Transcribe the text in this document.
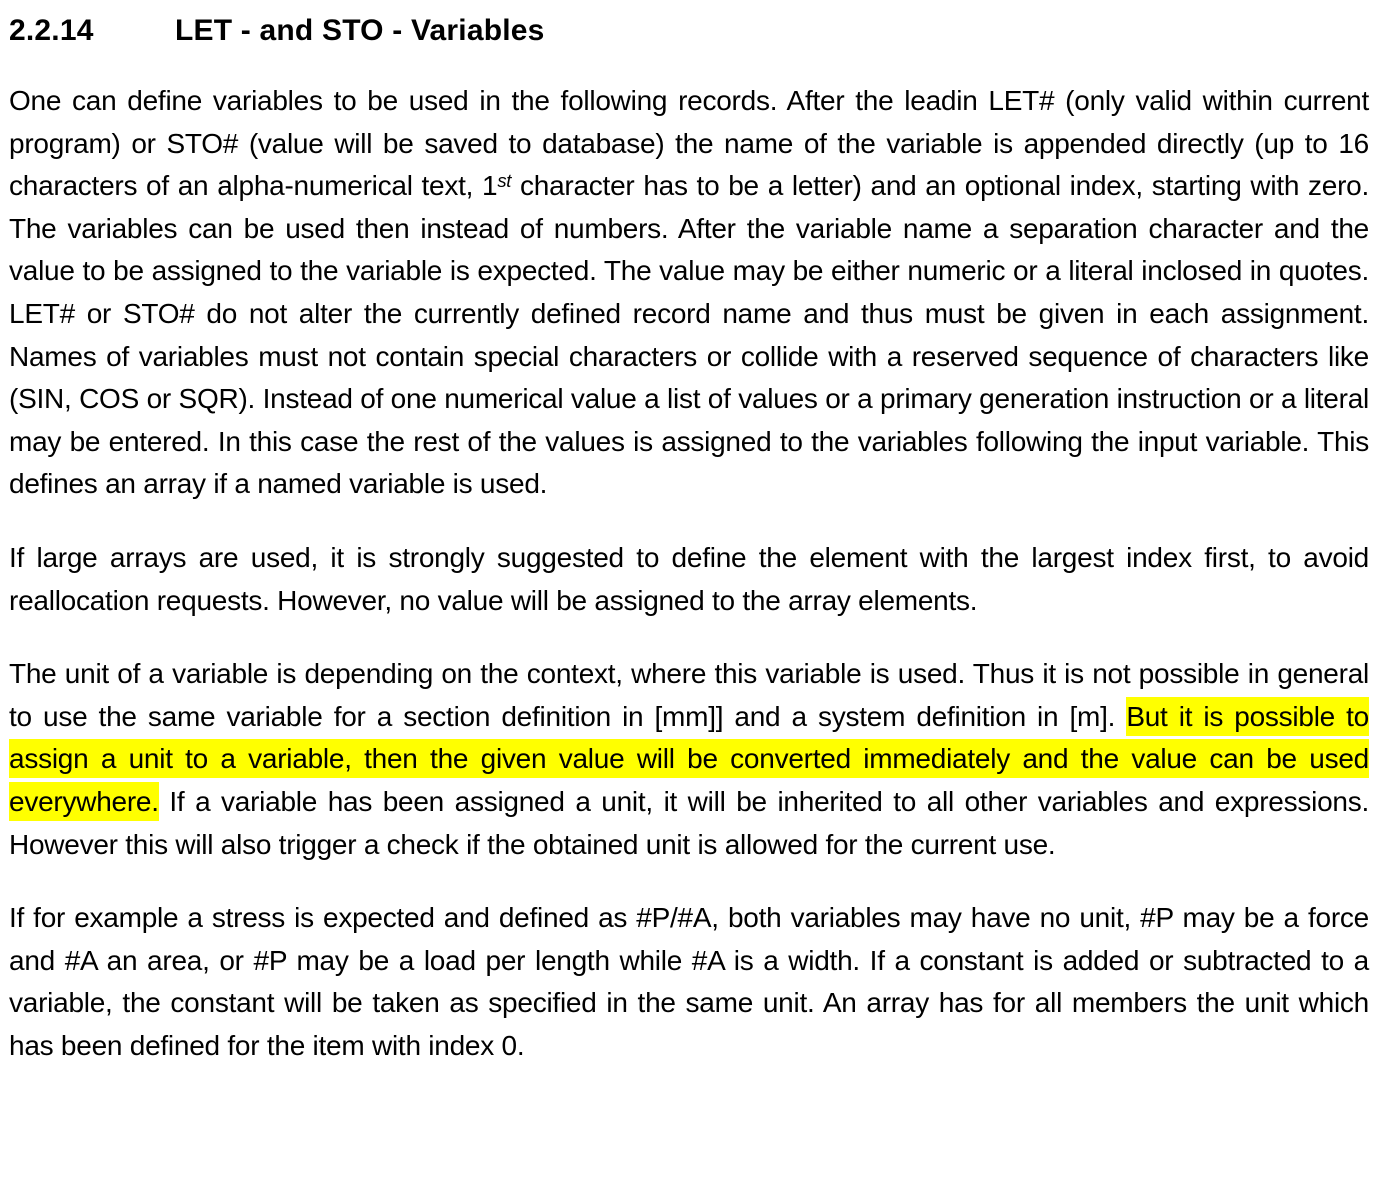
2.2.14	LET - and STO - Variables

One can define variables to be used in the following records. After the leadin LET# (only valid within current program) or STO# (value will be saved to database) the name of the variable is appended directly (up to 16 characters of an alpha-numerical text, 1st character has to be a letter) and an optional index, starting with zero. The variables can be used then instead of numbers. After the variable name a separation character and the value to be assigned to the variable is expected. The value may be either numeric or a literal inclosed in quotes. LET# or STO# do not alter the currently defined record name and thus must be given in each assignment. Names of variables must not contain special characters or collide with a reserved sequence of characters like (SIN, COS or SQR). Instead of one numerical value a list of values or a primary generation instruction or a literal may be entered. In this case the rest of the values is assigned to the variables following the input variable. This defines an array if a named variable is used.

If large arrays are used, it is strongly suggested to define the element with the largest index first, to avoid reallocation requests. However, no value will be assigned to the array elements.

The unit of a variable is depending on the context, where this variable is used. Thus it is not possible in general to use the same variable for a section definition in [mm]] and a system definition in [m]. But it is possible to assign a unit to a variable, then the given value will be converted immediately and the value can be used everywhere. If a variable has been assigned a unit, it will be inherited to all other variables and expressions. However this will also trigger a check if the obtained unit is allowed for the current use.

If for example a stress is expected and defined as #P/#A, both variables may have no unit, #P may be a force and #A an area, or #P may be a load per length while #A is a width. If a constant is added or subtracted to a variable, the constant will be taken as specified in the same unit. An array has for all members the unit which has been defined for the item with index 0.
